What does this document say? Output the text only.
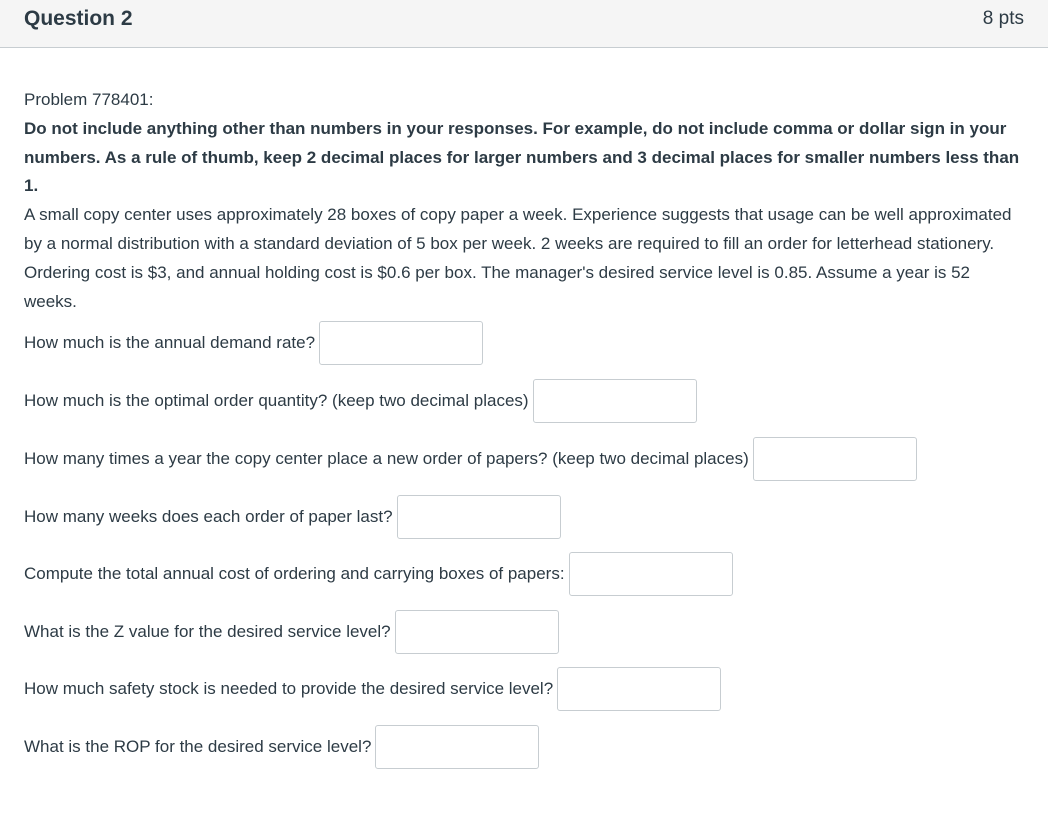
Question 2	8 pts

Problem 778401:

Do not include anything other than numbers in your responses. For example, do not include comma or dollar sign in your numbers. As a rule of thumb, keep 2 decimal places for larger numbers and 3 decimal places for smaller numbers less than 1.

A small copy center uses approximately 28 boxes of copy paper a week. Experience suggests that usage can be well approximated by a normal distribution with a standard deviation of 5 box per week. 2 weeks are required to fill an order for letterhead stationery. Ordering cost is $3, and annual holding cost is $0.6 per box. The manager's desired service level is 0.85. Assume a year is 52 weeks.

How much is the annual demand rate?
How much is the optimal order quantity? (keep two decimal places)
How many times a year the copy center place a new order of papers? (keep two decimal places)
How many weeks does each order of paper last?
Compute the total annual cost of ordering and carrying boxes of papers:
What is the Z value for the desired service level?
How much safety stock is needed to provide the desired service level?
What is the ROP for the desired service level?
